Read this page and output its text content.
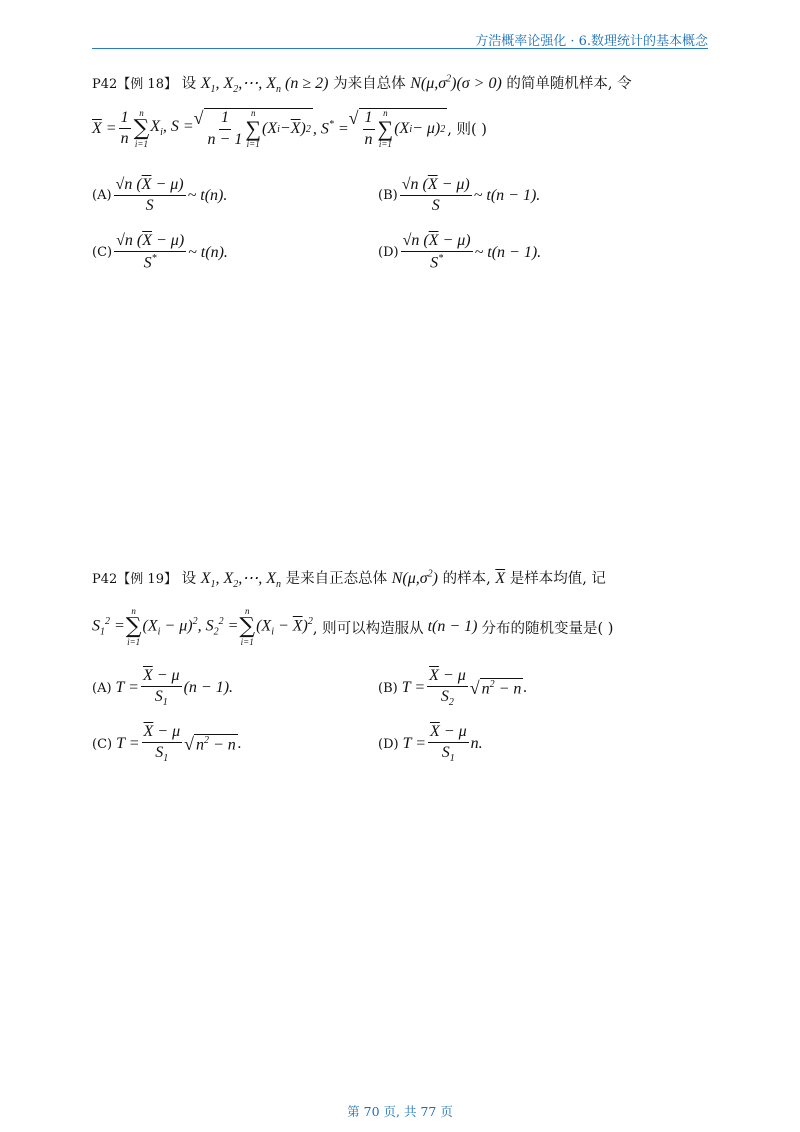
方浩概率论强化 · 6.数理统计的基本概念
P42【例 18】 设 $X_1$, $X_2,\cdots$, $X_n$ (n ≥ 2) 为来自总体 $N(\mu,\sigma^2)(\sigma > 0)$ 的简单随机样本, 令
$\overline{X} = \frac{1}{n}$ n
∑
i=1
$X_i$, S = √ $\frac{1}{n - 1}$ n
∑
i=1
(X $i - \overline{X}$ ) 2 , S* =
√ $\frac{1}{n}$ n
∑
i=1
(X i − μ) 2 , 则( )
$(A) \frac{√n (\overline{X} - \mu)}{S}$ ~ t(n).	$(B) \frac{√n (\overline{X} - \mu)}{S}$ ~ t(n − 1).
$(C) \frac{√n (\overline{X} - \mu)}{S^*}$ ~ t(n).	$(D) \frac{√n (\overline{X} - \mu)}{S^*}$ ~ t(n − 1).
P42【例 19】 设 $X_1$, $X_2,\cdots$, $X_n$ 是来自正态总体 $N(\mu,\sigma^2)$ 的样本, $\overline{X}$ 是样本均值, 记
$S_1^2$ =
n
∑
i=1
$(X_i - \mu)^2$, $S_2^2$ =
n
∑
i=1
$(X_i - \overline{X})^2$ , 则可以构造服从 t(n − 1) 分布的随机变量是( )
(A) $T = \frac{\overline{X} - \mu}{S_1} (n - 1)$.	(B) $T = \frac{\overline{X} - \mu}{S_2}$ √ $n^2 - n$ .
(C) $T = \frac{\overline{X} - \mu}{S_1}$ √ $n^2 - n$ .	(D) $T = \frac{\overline{X} - \mu}{S_1} n$.
第 70 页, 共 77 页
